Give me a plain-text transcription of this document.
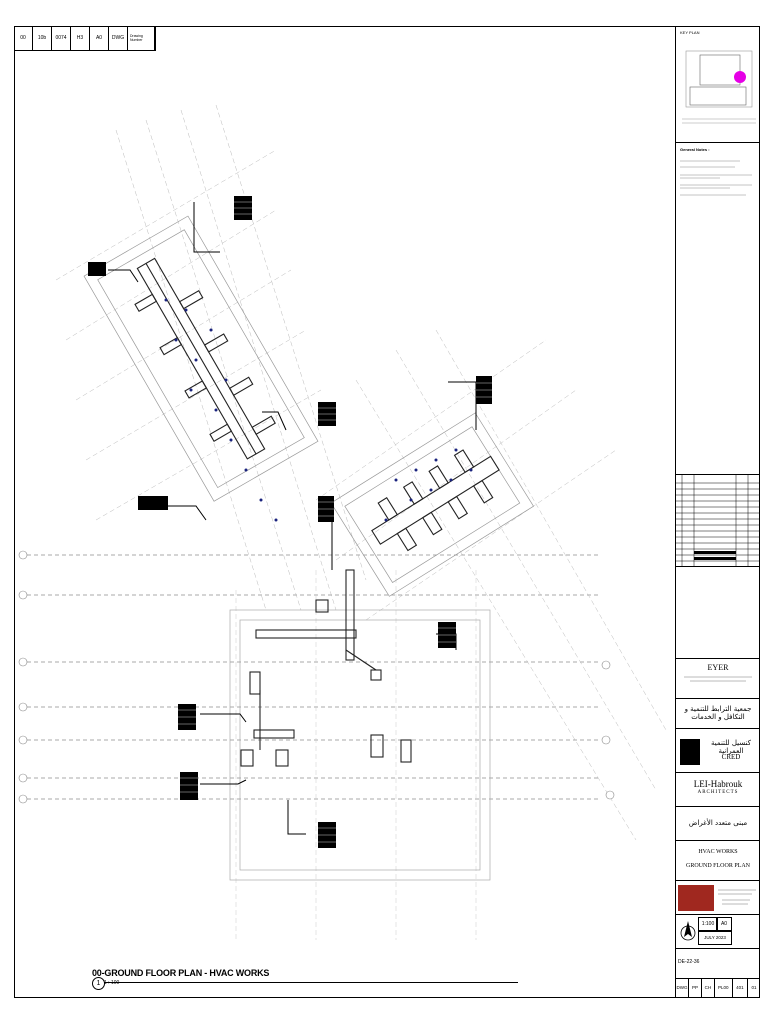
00	10b	0074	H3	A0	DWG	Drawing Number
1
00-GROUND FLOOR PLAN - HVAC WORKS
1 : 100
KEY PLAN
General Notes :
EYER
جمعية الترابط للتنمية و التكافل و الخدمات
كنسيل للتنمية العمرانية
CRED
LEI-Habrouk
ARCHITECTS
مبنى متعدد الأغراض
HVAC WORKS
GROUND FLOOR PLAN
1:100	A0
JULY 2023
DE-22-36
DWG PP	CH	PL00	401	01
